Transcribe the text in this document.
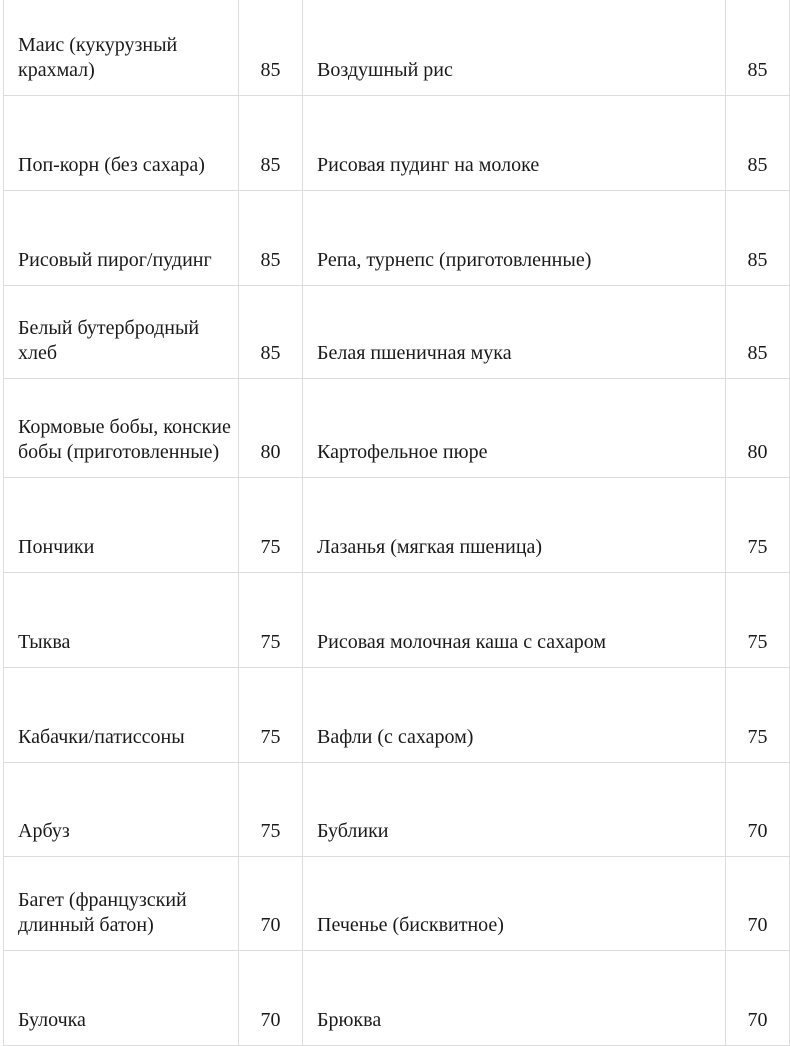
Маис (кукурузный крахмал)	85	Воздушный рис	85
Поп-корн (без сахара)	85	Рисовая пудинг на молоке	85
Рисовый пирог/пудинг	85	Репа, турнепс (приготовленные)	85
Белый бутербродный хлеб	85	Белая пшеничная мука	85
Кормовые бобы, конские бобы (приготовленные)	80	Картофельное пюре	80
Пончики	75	Лазанья (мягкая пшеница)	75
Тыква	75	Рисовая молочная каша с сахаром	75
Кабачки/патиссоны	75	Вафли (с сахаром)	75
Арбуз	75	Бублики	70
Багет (французский длинный батон)	70	Печенье (бисквитное)	70
Булочка	70	Брюква	70
